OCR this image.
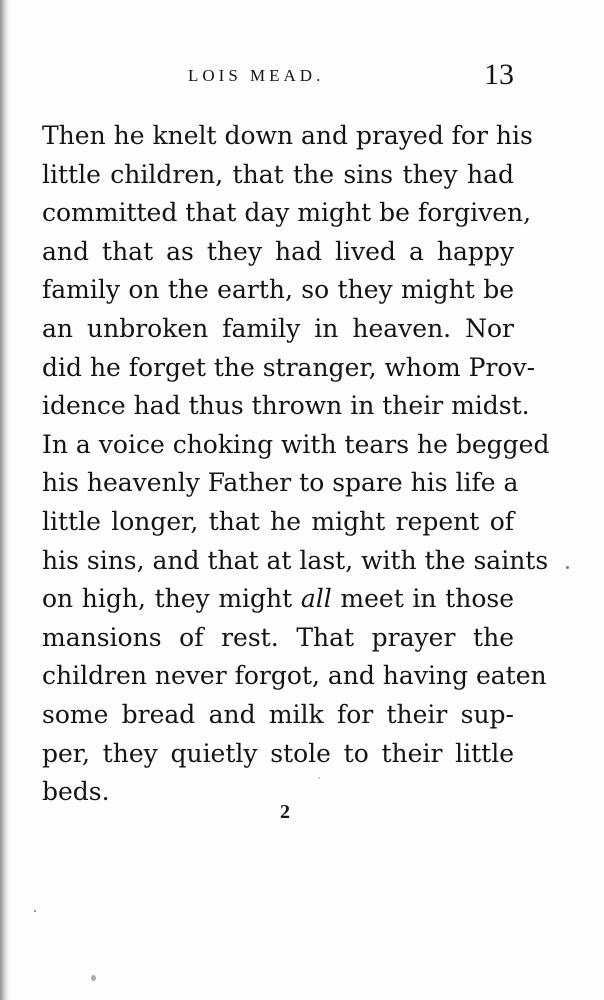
LOIS MEAD.	13
Then he knelt down and prayed for his
little children, that the sins they had
committed that day might be forgiven,
and that as they had lived a happy
family on the earth, so they might be
an unbroken family in heaven. Nor
did he forget the stranger, whom Prov-
idence had thus thrown in their midst.
In a voice choking with tears he begged
his heavenly Father to spare his life a
little longer, that he might repent of
his sins, and that at last, with the saints
on high, they might all meet in those
mansions of rest. That prayer the
children never forgot, and having eaten
some bread and milk for their sup-
per, they quietly stole to their little
beds.
2
